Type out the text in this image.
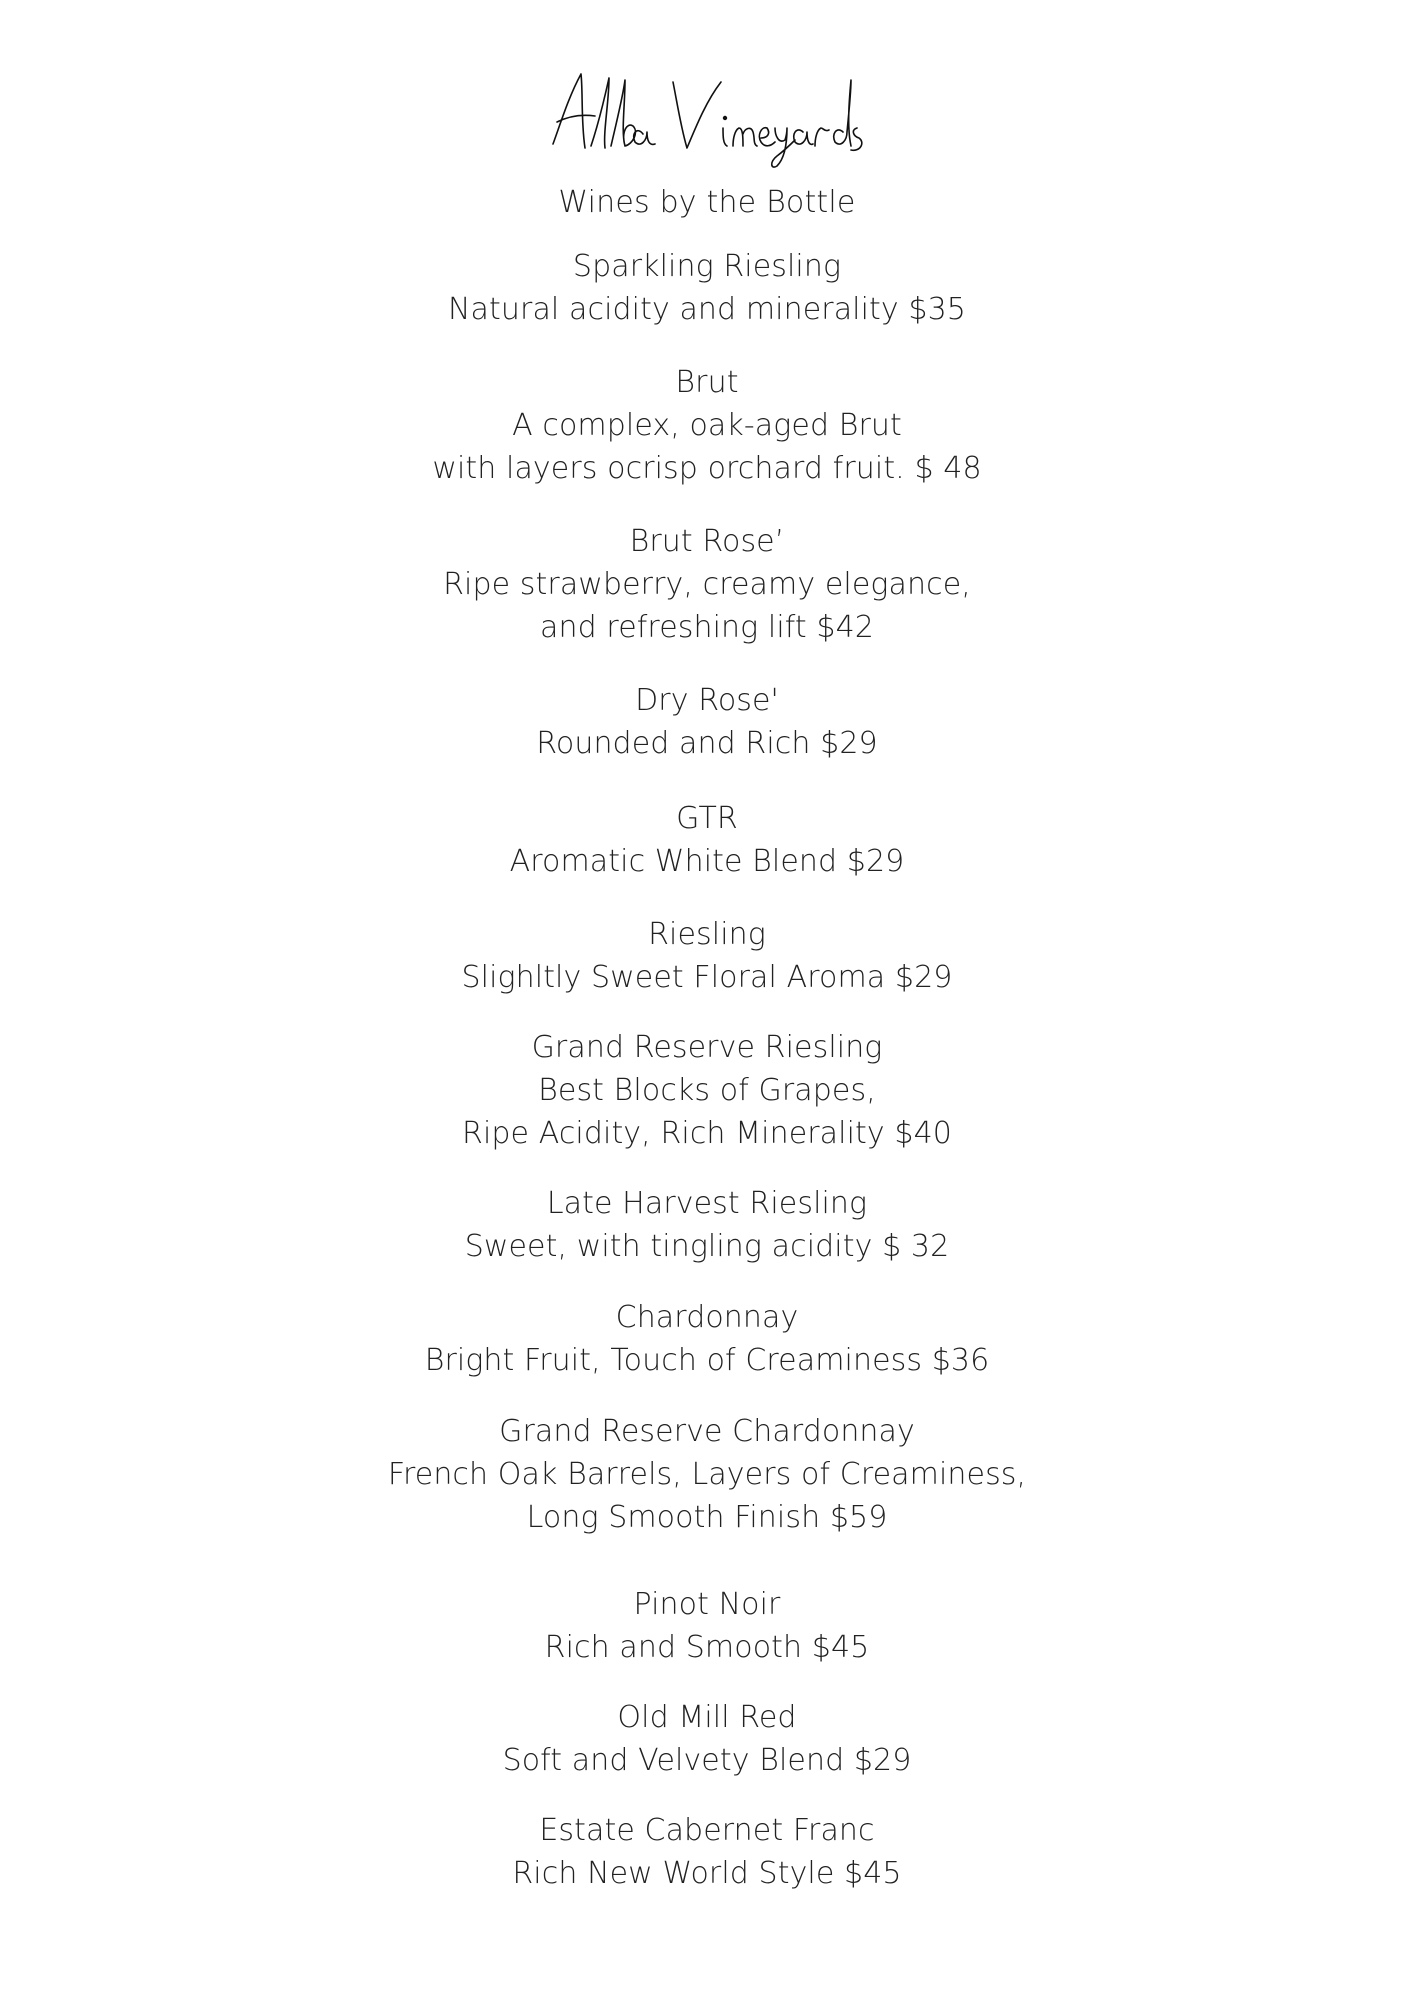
Wines by the Bottle
Sparkling Riesling
Natural acidity and minerality $35
Brut
A complex, oak-aged Brut
with layers ocrisp orchard fruit. $ 48
Brut Rose’
Ripe strawberry, creamy elegance,
and refreshing lift $42
Dry Rose'
Rounded and Rich $29
GTR
Aromatic White Blend $29
Riesling
Slighltly Sweet Floral Aroma $29
Grand Reserve Riesling
Best Blocks of Grapes,
Ripe Acidity, Rich Minerality $40
Late Harvest Riesling
Sweet, with tingling acidity $ 32
Chardonnay
Bright Fruit, Touch of Creaminess $36
Grand Reserve Chardonnay
French Oak Barrels, Layers of Creaminess,
Long Smooth Finish $59
Pinot Noir
Rich and Smooth $45
Old Mill Red
Soft and Velvety Blend $29
Estate Cabernet Franc
Rich New World Style $45
